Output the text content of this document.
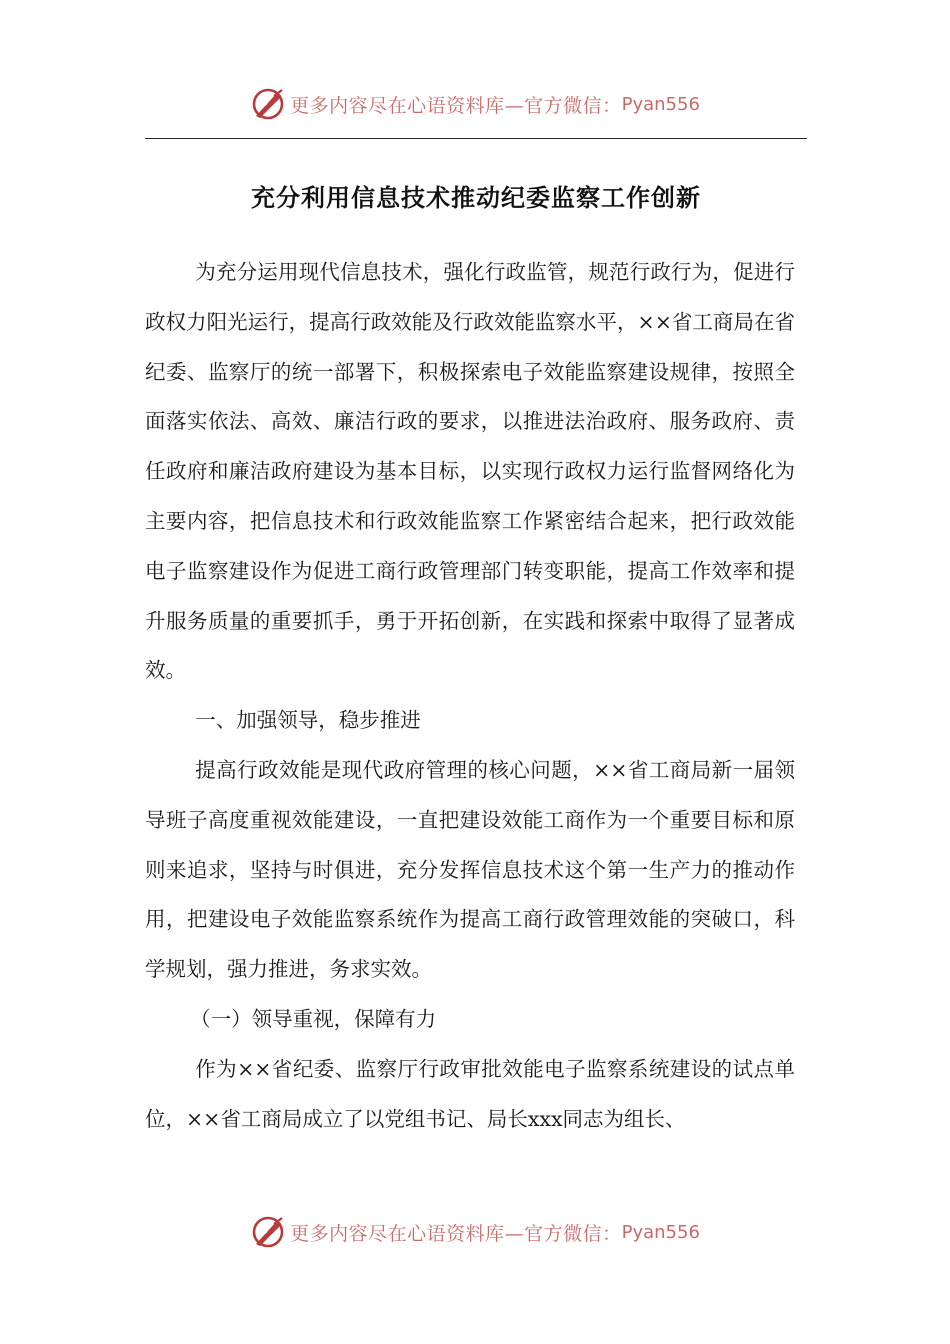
更多内容尽在心语资料库—官方微信： Pyan556
充分利用信息技术推动纪委监察工作创新

为充分运用现代信息技术，强化行政监管，规范行政行为，促进行政权力阳光运行，提高行政效能及行政效能监察水平，××省工商局在省纪委、监察厅的统一部署下，积极探索电子效能监察建设规律，按照全面落实依法、高效、廉洁行政的要求，以推进法治政府、服务政府、责任政府和廉洁政府建设为基本目标，以实现行政权力运行监督网络化为主要内容，把信息技术和行政效能监察工作紧密结合起来，把行政效能电子监察建设作为促进工商行政管理部门转变职能，提高工作效率和提升服务质量的重要抓手，勇于开拓创新，在实践和探索中取得了显著成效。

一、加强领导，稳步推进

提高行政效能是现代政府管理的核心问题，××省工商局新一届领导班子高度重视效能建设，一直把建设效能工商作为一个重要目标和原则来追求，坚持与时俱进，充分发挥信息技术这个第一生产力的推动作用，把建设电子效能监察系统作为提高工商行政管理效能的突破口，科学规划，强力推进，务求实效。

（一）领导重视，保障有力

作为××省纪委、监察厅行政审批效能电子监察系统建设的试点单位，××省工商局成立了以党组书记、局长xxx同志为组长、

更多内容尽在心语资料库—官方微信： Pyan556
